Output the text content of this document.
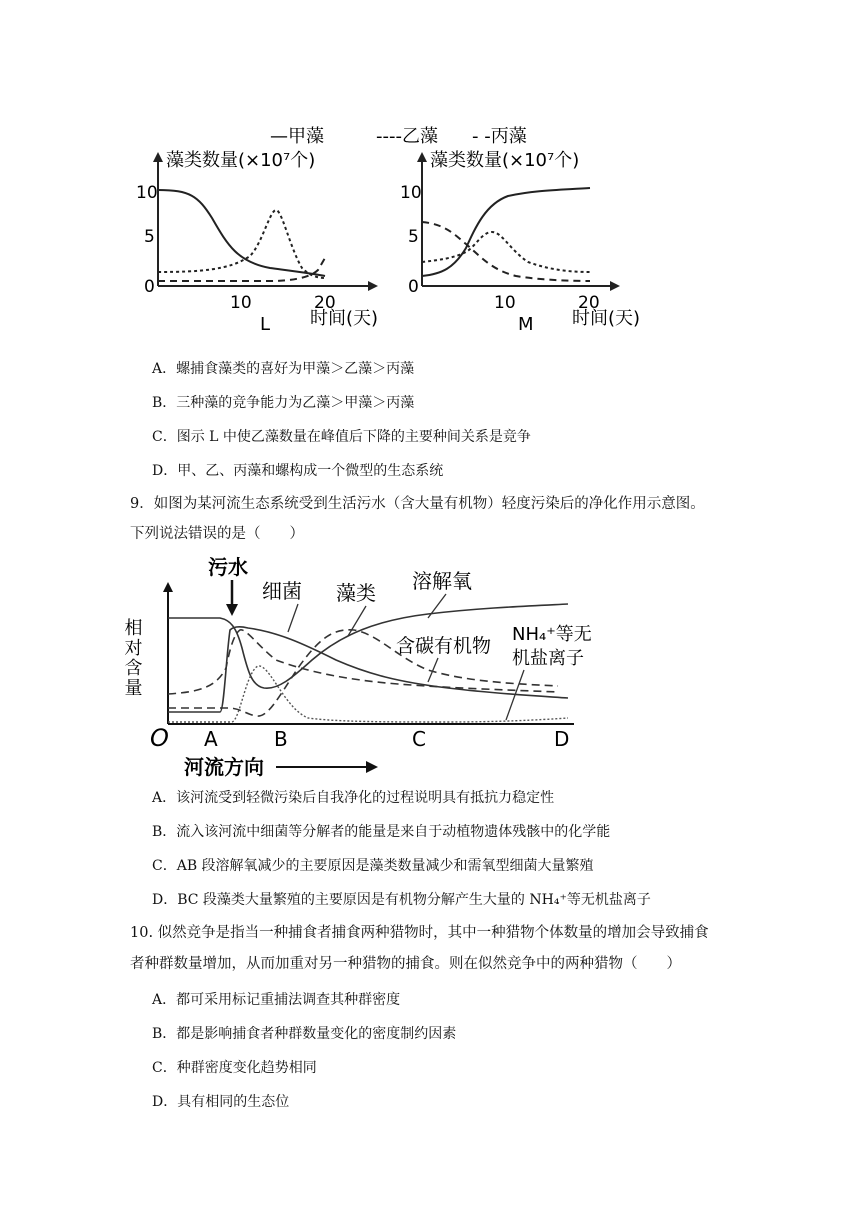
—甲藻	----乙藻 - -丙藻
藻类数量(×10⁷个)
10
5
0
10	20
时间(天)
L
藻类数量(×10⁷个)
10
5
0
10	20
时间(天)
M
A．螺捕食藻类的喜好为甲藻＞乙藻＞丙藻
B．三种藻的竞争能力为乙藻＞甲藻＞丙藻
C．图示 L 中使乙藻数量在峰值后下降的主要种间关系是竞争
D．甲、乙、丙藻和螺构成一个微型的生态系统
9．如图为某河流生态系统受到生活污水（含大量有机物）轻度污染后的净化作用示意图。
下列说法错误的是（　　）
污水
细菌 藻类 溶解氧
含碳有机物
NH₄⁺等无
机盐离子
相对含量
O A	B	C	D
河流方向
A．该河流受到轻微污染后自我净化的过程说明具有抵抗力稳定性
B．流入该河流中细菌等分解者的能量是来自于动植物遗体残骸中的化学能
C．AB 段溶解氧减少的主要原因是藻类数量减少和需氧型细菌大量繁殖
D．BC 段藻类大量繁殖的主要原因是有机物分解产生大量的 NH₄⁺等无机盐离子
10. 似然竞争是指当一种捕食者捕食两种猎物时，其中一种猎物个体数量的增加会导致捕食
者种群数量增加，从而加重对另一种猎物的捕食。则在似然竞争中的两种猎物（　　）
A．都可采用标记重捕法调查其种群密度
B．都是影响捕食者种群数量变化的密度制约因素
C．种群密度变化趋势相同
D．具有相同的生态位
